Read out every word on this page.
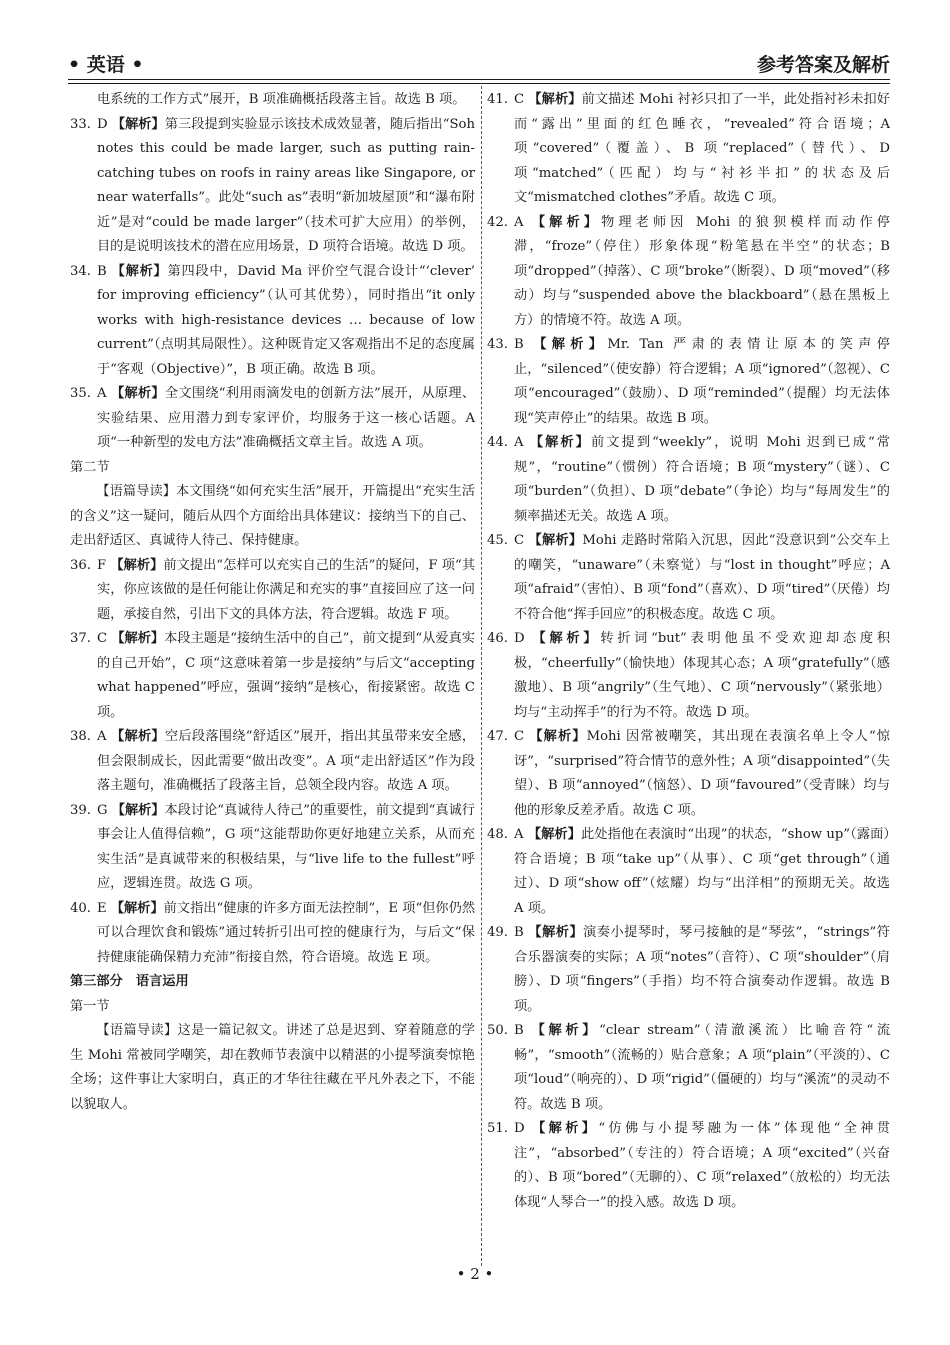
• 英语 •	参考答案及解析
电系统的工作方式”展开，B 项准确概括段落主旨。故选 B 项。
33. D 【解析】第三段提到实验显示该技术成效显著，随后指出“Soh notes this could be made larger, such as putting rain-catching tubes on roofs in rainy areas like Singapore, or near waterfalls”。此处“such as”表明“新加坡屋顶”和“瀑布附近”是对“could be made larger”（技术可扩大应用）的举例，目的是说明该技术的潜在应用场景，D 项符合语境。故选 D 项。
34. B 【解析】第四段中，David Ma 评价空气混合设计“‘clever’ for improving efficiency”（认可其优势），同时指出“it only works with high-resistance devices … because of low current”（点明其局限性）。这种既肯定又客观指出不足的态度属于“客观（Objective）”，B 项正确。故选 B 项。
35. A 【解析】全文围绕“利用雨滴发电的创新方法”展开，从原理、实验结果、应用潜力到专家评价，均服务于这一核心话题。A 项“一种新型的发电方法”准确概括文章主旨。故选 A 项。
第二节
【语篇导读】本文围绕“如何充实生活”展开，开篇提出“充实生活的含义”这一疑问，随后从四个方面给出具体建议：接纳当下的自己、走出舒适区、真诚待人待己、保持健康。
36. F 【解析】前文提出“怎样可以充实自己的生活”的疑问，F 项“其实，你应该做的是任何能让你满足和充实的事”直接回应了这一问题，承接自然，引出下文的具体方法，符合逻辑。故选 F 项。
37. C 【解析】本段主题是“接纳生活中的自己”，前文提到“从爱真实的自己开始”，C 项“这意味着第一步是接纳”与后文“accepting what happened”呼应，强调“接纳”是核心，衔接紧密。故选 C 项。
38. A 【解析】空后段落围绕“舒适区”展开，指出其虽带来安全感，但会限制成长，因此需要“做出改变”。A 项“走出舒适区”作为段落主题句，准确概括了段落主旨，总领全段内容。故选 A 项。
39. G 【解析】本段讨论“真诚待人待己”的重要性，前文提到“真诚行事会让人值得信赖”，G 项“这能帮助你更好地建立关系，从而充实生活”是真诚带来的积极结果，与“live life to the fullest”呼应，逻辑连贯。故选 G 项。
40. E 【解析】前文指出“健康的许多方面无法控制”，E 项“但你仍然可以合理饮食和锻炼”通过转折引出可控的健康行为，与后文“保持健康能确保精力充沛”衔接自然，符合语境。故选 E 项。
第三部分　语言运用
第一节
【语篇导读】这是一篇记叙文。讲述了总是迟到、穿着随意的学生 Mohi 常被同学嘲笑，却在教师节表演中以精湛的小提琴演奏惊艳全场；这件事让大家明白，真正的才华往往藏在平凡外表之下，不能以貌取人。
41. C 【解析】前文描述 Mohi 衬衫只扣了一半，此处指衬衫未扣好而“露出”里面的红色睡衣，“revealed”符合语境；A 项“covered”（覆盖）、B 项“replaced”（替代）、D 项“matched”（匹配）均与“衬衫半扣”的状态及后文“mismatched clothes”矛盾。故选 C 项。
42. A 【解析】物理老师因 Mohi 的狼狈模样而动作停滞，“froze”（停住）形象体现“粉笔悬在半空”的状态；B 项“dropped”（掉落）、C 项“broke”（断裂）、D 项“moved”（移动）均与“suspended above the blackboard”（悬在黑板上方）的情境不符。故选 A 项。
43. B 【解析】Mr. Tan 严肃的表情让原本的笑声停止，“silenced”（使安静）符合逻辑；A 项“ignored”（忽视）、C 项“encouraged”（鼓励）、D 项“reminded”（提醒）均无法体现“笑声停止”的结果。故选 B 项。
44. A 【解析】前文提到“weekly”，说明 Mohi 迟到已成“常规”，“routine”（惯例）符合语境；B 项“mystery”（谜）、C 项“burden”（负担）、D 项“debate”（争论）均与“每周发生”的频率描述无关。故选 A 项。
45. C 【解析】Mohi 走路时常陷入沉思，因此“没意识到”公交车上的嘲笑，“unaware”（未察觉）与“lost in thought”呼应；A 项“afraid”（害怕）、B 项“fond”（喜欢）、D 项“tired”（厌倦）均不符合他“挥手回应”的积极态度。故选 C 项。
46. D 【解析】转折词“but”表明他虽不受欢迎却态度积极，“cheerfully”（愉快地）体现其心态；A 项“gratefully”（感激地）、B 项“angrily”（生气地）、C 项“nervously”（紧张地）均与“主动挥手”的行为不符。故选 D 项。
47. C 【解析】Mohi 因常被嘲笑，其出现在表演名单上令人“惊讶”，“surprised”符合情节的意外性；A 项“disappointed”（失望）、B 项“annoyed”（恼怒）、D 项“favoured”（受青睐）均与他的形象反差矛盾。故选 C 项。
48. A 【解析】此处指他在表演时“出现”的状态，“show up”（露面）符合语境；B 项“take up”（从事）、C 项“get through”（通过）、D 项“show off”（炫耀）均与“出洋相”的预期无关。故选 A 项。
49. B 【解析】演奏小提琴时，琴弓接触的是“琴弦”，“strings”符合乐器演奏的实际；A 项“notes”（音符）、C 项“shoulder”（肩膀）、D 项“fingers”（手指）均不符合演奏动作逻辑。故选 B 项。
50. B 【解析】“clear stream”（清澈溪流）比喻音符“流畅”，“smooth”（流畅的）贴合意象；A 项“plain”（平淡的）、C 项“loud”（响亮的）、D 项“rigid”（僵硬的）均与“溪流”的灵动不符。故选 B 项。
51. D 【解析】“仿佛与小提琴融为一体”体现他“全神贯注”，“absorbed”（专注的）符合语境；A 项“excited”（兴奋的）、B 项“bored”（无聊的）、C 项“relaxed”（放松的）均无法体现“人琴合一”的投入感。故选 D 项。
• 2 •
